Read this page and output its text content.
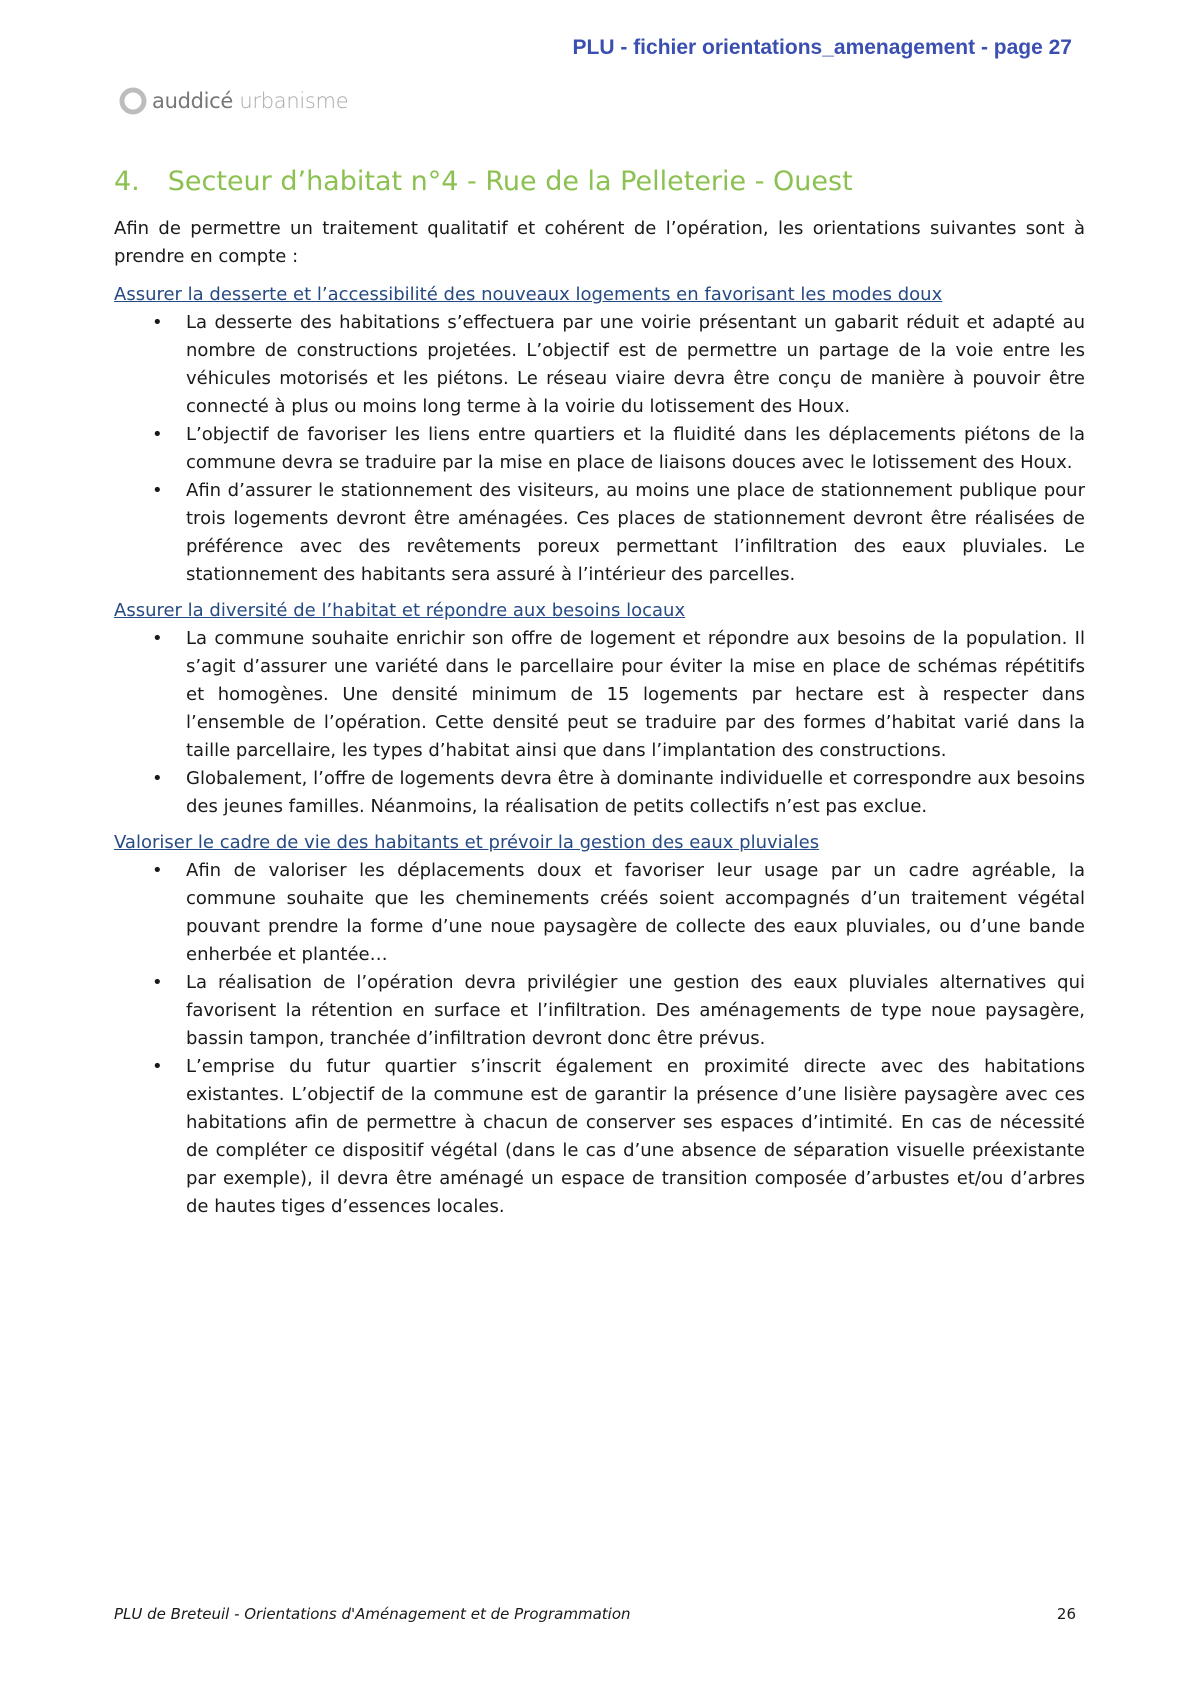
PLU - fichier orientations_amenagement - page 27
auddicé urbanisme
4. Secteur d’habitat n°4 - Rue de la Pelleterie - Ouest

Afin de permettre un traitement qualitatif et cohérent de l’opération, les orientations suivantes sont à prendre en compte :

Assurer la desserte et l’accessibilité des nouveaux logements en favorisant les modes doux
• La desserte des habitations s’effectuera par une voirie présentant un gabarit réduit et adapté au nombre de constructions projetées. L’objectif est de permettre un partage de la voie entre les véhicules motorisés et les piétons. Le réseau viaire devra être conçu de manière à pouvoir être connecté à plus ou moins long terme à la voirie du lotissement des Houx.
• L’objectif de favoriser les liens entre quartiers et la fluidité dans les déplacements piétons de la commune devra se traduire par la mise en place de liaisons douces avec le lotissement des Houx.
• Afin d’assurer le stationnement des visiteurs, au moins une place de stationnement publique pour trois logements devront être aménagées. Ces places de stationnement devront être réalisées de préférence avec des revêtements poreux permettant l’infiltration des eaux pluviales. Le stationnement des habitants sera assuré à l’intérieur des parcelles.
Assurer la diversité de l’habitat et répondre aux besoins locaux
• La commune souhaite enrichir son offre de logement et répondre aux besoins de la population. Il s’agit d’assurer une variété dans le parcellaire pour éviter la mise en place de schémas répétitifs et homogènes. Une densité minimum de 15 logements par hectare est à respecter dans l’ensemble de l’opération. Cette densité peut se traduire par des formes d’habitat varié dans la taille parcellaire, les types d’habitat ainsi que dans l’implantation des constructions.
• Globalement, l’offre de logements devra être à dominante individuelle et correspondre aux besoins des jeunes familles. Néanmoins, la réalisation de petits collectifs n’est pas exclue.
Valoriser le cadre de vie des habitants et prévoir la gestion des eaux pluviales
• Afin de valoriser les déplacements doux et favoriser leur usage par un cadre agréable, la commune souhaite que les cheminements créés soient accompagnés d’un traitement végétal pouvant prendre la forme d’une noue paysagère de collecte des eaux pluviales, ou d’une bande enherbée et plantée…
• La réalisation de l’opération devra privilégier une gestion des eaux pluviales alternatives qui favorisent la rétention en surface et l’infiltration. Des aménagements de type noue paysagère, bassin tampon, tranchée d’infiltration devront donc être prévus.
• L’emprise du futur quartier s’inscrit également en proximité directe avec des habitations existantes. L’objectif de la commune est de garantir la présence d’une lisière paysagère avec ces habitations afin de permettre à chacun de conserver ses espaces d’intimité. En cas de nécessité de compléter ce dispositif végétal (dans le cas d’une absence de séparation visuelle préexistante par exemple), il devra être aménagé un espace de transition composée d’arbustes et/ou d’arbres de hautes tiges d’essences locales.
PLU de Breteuil - Orientations d'Aménagement et de Programmation	26
